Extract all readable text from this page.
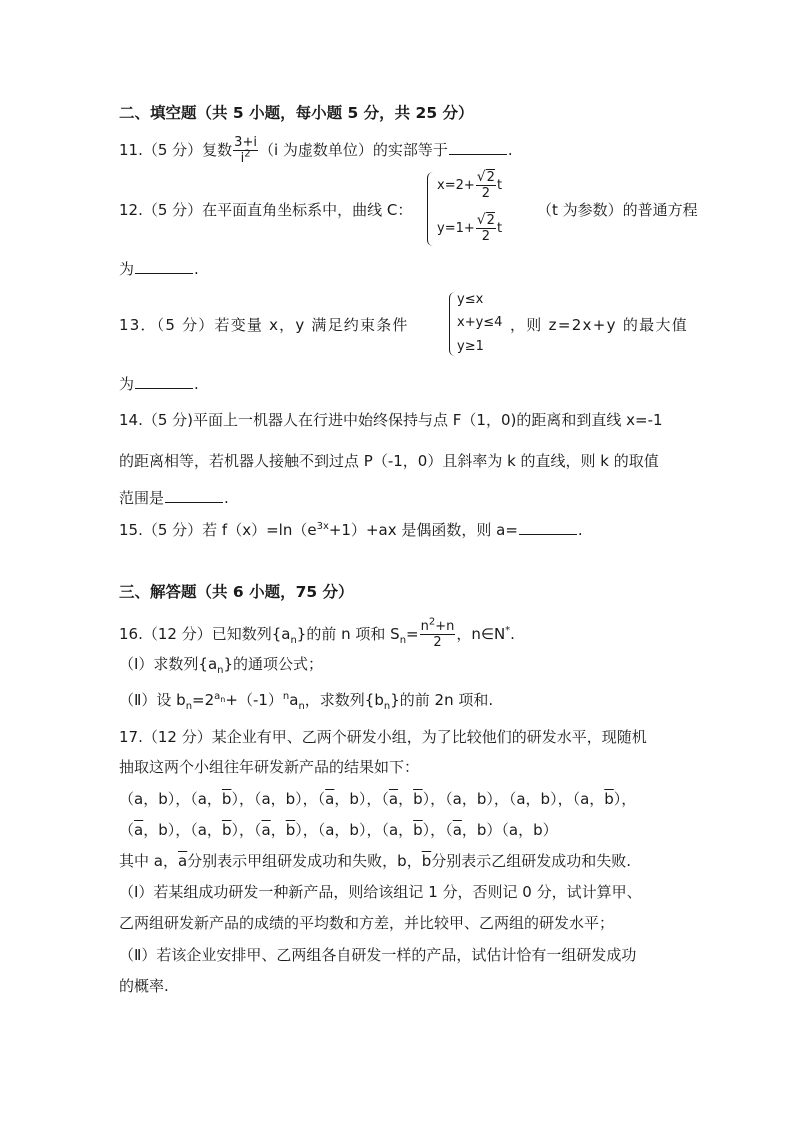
二、填空题（共 5 小题，每小题 5 分，共 25 分）
11.（5 分）复数 $\frac{3+i}{i^2} (i$ 为虚数单位）的实部等于	.
12.（5 分）在平面直角坐标系中，曲线 C：
$x=2+ \frac{√2}{2}$ t
$y=1+ \frac{√2}{2}$ t
（t 为参数）的普通方程
为	.
13．（5 分）若变量 x，y 满足约束条件
y≤x
x+y≤4
y≥1
，则 z=2x+y 的最大值
为	.
14.（5 分)平面上一机器人在行进中始终保持与点 F（1，0)的距离和到直线 x=-1
的距离相等，若机器人接触不到过点 P（-1，0）且斜率为 k 的直线，则 k 的取值
范围是	.
15.（5 分）若 $f(x)=\ln(e^{3x}+1)+ax$ 是偶函数，则 a=	.
三、解答题（共 6 小题，75 分）
16.（12 分）已知数列$\{a_n\}$的前 n 项和 $S_n= \frac{n^2+n}{2}$ ，n∈N*.
（Ⅰ）求数列$\{a_n\}$的通项公式；
（Ⅱ）设 $b_n=2^{a_n}+(-1)^na_n$，求数列$\{b_n\}$的前 2n 项和.
17.（12 分）某企业有甲、乙两个研发小组，为了比较他们的研发水平，现随机
抽取这两个小组往年研发新产品的结果如下：
（a，b），（a，$\overline{b}$），（a，b），（$\overline{a}$，b），（$\overline{a}$，$\overline{b}$），（a，b），（a，b），（a，$\overline{b}$），
（$\overline{a}$，b），（a，$\overline{b}$），（$\overline{a}$，$\overline{b}$），（a，b），（a，$\overline{b}$），（$\overline{a}$，b）（a，b）
其中 a，$\overline{a}$分别表示甲组研发成功和失败，b，$\overline{b}$分别表示乙组研发成功和失败.
（Ⅰ）若某组成功研发一种新产品，则给该组记 1 分，否则记 0 分，试计算甲、
乙两组研发新产品的成绩的平均数和方差，并比较甲、乙两组的研发水平；
（Ⅱ）若该企业安排甲、乙两组各自研发一样的产品，试估计恰有一组研发成功
的概率.
